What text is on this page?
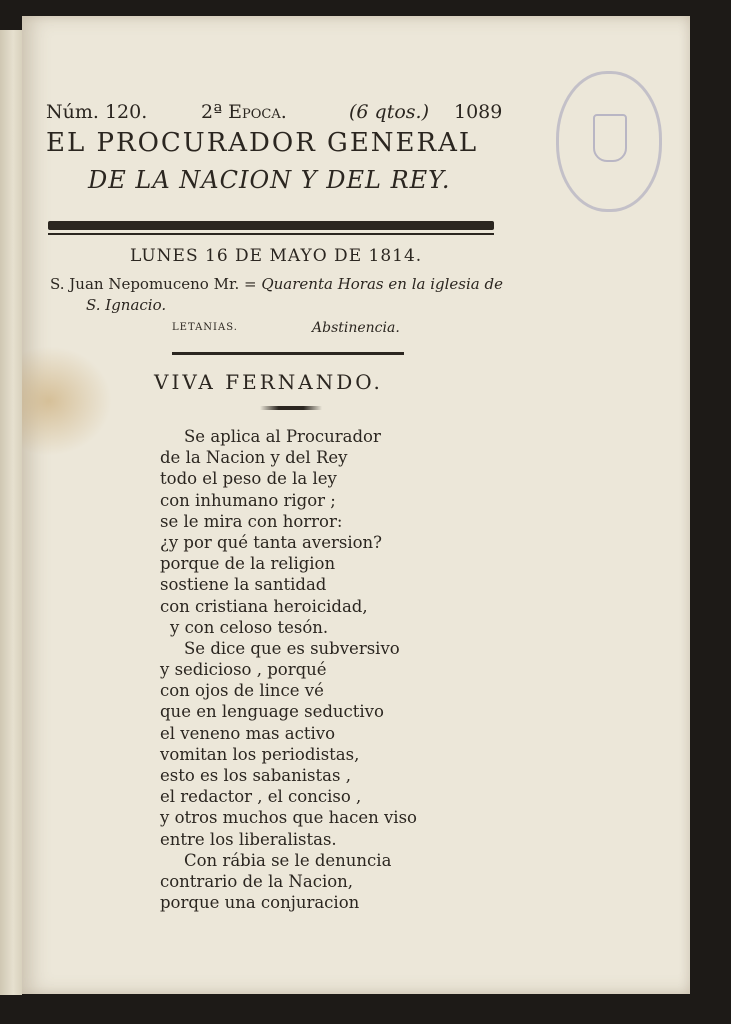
Núm. 120.	2ª Epoca.	(6 qtos.) 1089
EL PROCURADOR GENERAL
DE LA NACION Y DEL REY.
LUNES 16 DE MAYO DE 1814.
S. Juan Nepomuceno Mr. = Quarenta Horas en la iglesia de
S. Ignacio.
LETANIAS.	Abstinencia.
VIVA FERNANDO.
Se aplica al Procurador
de la Nacion y del Rey
todo el peso de la ley
con inhumano rigor ;
se le mira con horror:
¿y por qué tanta aversion?
porque de la religion
sostiene la santidad
con cristiana heroicidad,
y con celoso tesón.
Se dice que es subversivo
y sedicioso , porqué
con ojos de lince vé
que en lenguage seductivo
el veneno mas activo
vomitan los periodistas,
esto es los sabanistas ,
el redactor , el conciso ,
y otros muchos que hacen viso
entre los liberalistas.
Con rábia se le denuncia
contrario de la Nacion,
porque una conjuracion
